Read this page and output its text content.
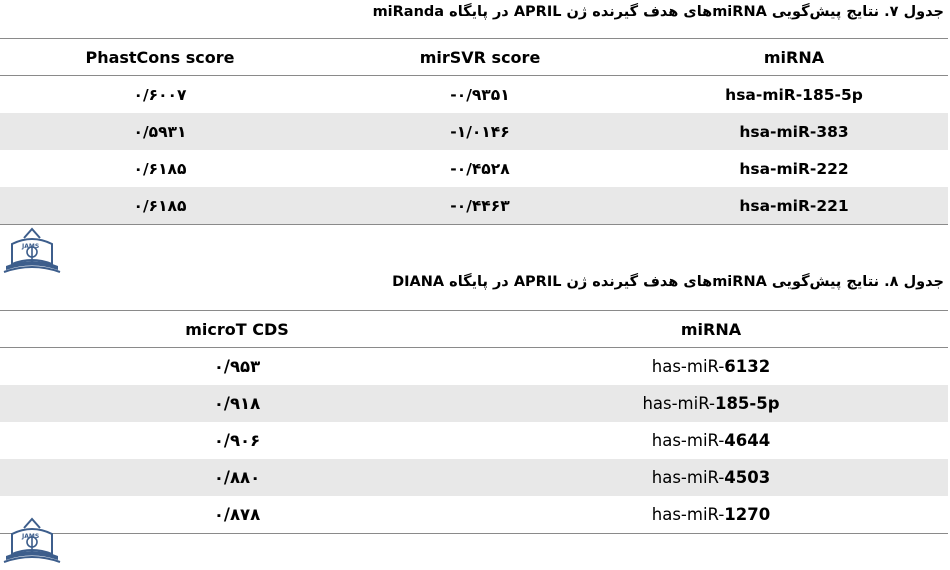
جدول ۷. نتایج پیش‌گویی miRNAهای هدف گیرنده ژن APRIL در پایگاه miRanda
PhastCons score	mirSVR score	miRNA
۰/۶۰۰۷	-۰/۹۳۵۱	hsa-miR-185-5p
۰/۵۹۳۱	-۱/۰۱۴۶	hsa-miR-383
۰/۶۱۸۵	-۰/۴۵۲۸	hsa-miR-222
۰/۶۱۸۵	-۰/۴۴۶۳	hsa-miR-221
JAMS
جدول ۸. نتایج پیش‌گویی miRNAهای هدف گیرنده ژن APRIL در پایگاه DIANA
microT CDS	miRNA
۰/۹۵۳	has-miR-6132
۰/۹۱۸	has-miR-185-5p
۰/۹۰۶	has-miR-4644
۰/۸۸۰	has-miR-4503
۰/۸۷۸	has-miR-1270
JAMS
